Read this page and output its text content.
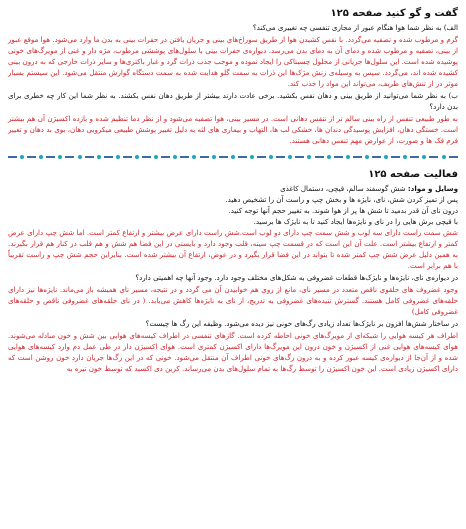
گفت و گو کنید صفحه ۱۲۵

الف) به نظر شما هوا هنگام عبور از مجاری تنفسی چه تغییری می‌کند؟

گرم و مرطوب شده و تصفیه می‌گردد. با نفس کشیدن هوا از طریق سوراخ‌های بینی و جریان یافتن در حفرات بینی به بدن ما وارد می‌شود. هوا موقع عبور از بینی، تصفیه و مرطوب شده و دمای آن به دمای بدن می‌رسد. دیواره‌ی حفرات بینی با سلول‌های پوششی مرطوب، مژه دار و غنی از مویرگ‌های خونی پوشیده شده است. این سلول‌ها جریانی از محلول چسبناکی را ایجاد نموده و موجب جذب ذرات گرد و غبار باکتری‌ها و سایر ذرات خارجی که به درون بینی کشیده شده اند، می‌گردد. سپس به وسیله‌ی زنش مژک‌ها این ذرات به سمت گلو هدایت شده به سمت دستگاه گوارش منتقل می‌شود. این سیستم بسیار موثر در از تنش‌های طریف، می‌تواند این مواد را جذب کند.

ب) به نظر شما می‌توانید از طریق بینی و دهان نفس بکشید. برخی عادت دارند بیشتر از طریق دهان نفس بکشند. به نظر شما این کار چه خطری برای بدن دارد؟

به طور طبیعی تنفس از راه بینی سالم تر از تنفس دهانی است. در مسیر بینی، هوا تصفیه می‌شود و از نظر دما تنظیم شده و بازده اکسیژن آن هم بیشتر است. خستگی دهان، افزایش پوسیدگی دندان ها، خشکی لب ها، التهاب و بیماری های لثه به دلیل تغییر پوشش طبیعی میکروبی دهان، بوی بد دهان و تغییر فرم فک ها و صورت، از عوارض مهم تنفس دهانی هستند.

فعالیت صفحه ۱۲۵

وسایل و مواد: شش گوسفند سالم، قیچی، دستمال کاغذی

پس از تمیز کردن شش، نای، نایژه ها و بخش چپ و راست آن را تشخیص دهید.

درون نای آن قدر بدمید تا شش ها پر از هوا شوند. به تغییر حجم آنها توجه کنید.

با قیچی برش هایی را در نای و نایژه‌ها ایجاد کنید تا به نایژک ها برسید.

شش سمت راست دارای سه لوب و شش سمت چپ دارای دو لوب است.شش راست دارای عرض بیشتر و ارتفاع کمتر است. اما شش چپ دارای عرض کمتر و ارتفاع بیشتر است. علت آن این است که در قسمت چپ سینه، قلب وجود دارد و بایستی در این فضا هم شش و هم قلب در کنار هم قرار بگیرند. به همین دلیل عرض شش چپ کمتر شده تا بتواند در این فضا قرار بگیرد و در عوض، ارتفاع آن بیشتر شده است. بنابراین حجم شش چپ و راست تقریباً با هم برابر است.

در دیواره‌ی نای، نایژه‌ها و نایژک‌ها قطعات غضروفی به شکل‌های مختلف وجود دارد. وجود آنها چه اهمیتی دارد؟

وجود غضروف های حلقوی ناقص متعدد در مسیر نای، مانع از روی هم خوابیدن آن می گردد و در نتیجه، مسیر نای همیشه باز می‌ماند. نایژه‌ها نیز دارای حلقه‌های غضروفی کامل هستند. گسترش تنیده‌های غضروفی به تدریج، از نای به نایژه‌ها کاهش می‌یابد. ( در نای حلقه‌های غضروفی ناقص و حلقه‌های غضروفی کامل)

در ساختار شش‌ها افزون بر نایژک‌ها تعداد زیادی رگ‌های خونی نیز دیده می‌شود. وظیفه این رگ ها چیست؟

اطراف هر کیسه هوایی را شبکه‌ای از مویرگ‌های خونی احاطه کرده است. گاز‌های تنفسی در اطراف کیسه‌های هوایی بین شش و خون مبادله می‌شوند. هوای کیسه‌های هوایی غنی از اکسیژن و خون درون این مویرگ‌ها دارای اکسیژن کمتری است. هوای اکسیژن دار در طی عمل دم وارد کیسه‌های هوایی شده و از آن‌جا از دیواره‌ی کیسه عبور کرده و به درون رگ‌های خونی اطراف آن منتقل می‌شود. خونی که در این رگ‌ها جریان دارد خون روشن است که دارای اکسیژن زیادی است. این خون اکسیژن را توسط رگ‌ها به تمام سلول‌های بدن می‌رساند. کربن دی اکسید که توسط خون تیره به
